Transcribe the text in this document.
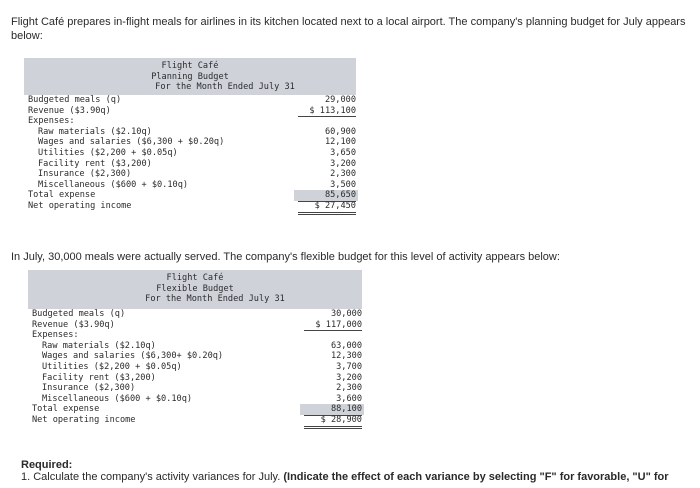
Flight Café prepares in-flight meals for airlines in its kitchen located next to a local airport. The company's planning budget for July appears below:
Flight Café
Planning Budget
For the Month Ended July 31
Budgeted meals (q)	29,000
Revenue ($3.90q)	$ 113,100
Expenses:
Raw materials ($2.10q)	60,900
Wages and salaries ($6,300 + $0.20q)	12,100
Utilities ($2,200 + $0.05q)	3,650
Facility rent ($3,200)	3,200
Insurance ($2,300)	2,300
Miscellaneous ($600 + $0.10q)	3,500
Total expense	85,650
Net operating income	$ 27,450
In July, 30,000 meals were actually served. The company's flexible budget for this level of activity appears below:
Flight Café
Flexible Budget
For the Month Ended July 31
Budgeted meals (q)	30,000
Revenue ($3.90q)	$ 117,000
Expenses:
Raw materials ($2.10q)	63,000
Wages and salaries ($6,300+ $0.20q)	12,300
Utilities ($2,200 + $0.05q)	3,700
Facility rent ($3,200)	3,200
Insurance ($2,300)	2,300
Miscellaneous ($600 + $0.10q)	3,600
Total expense	88,100
Net operating income	$ 28,900
Required:
1. Calculate the company's activity variances for July. (Indicate the effect of each variance by selecting "F" for favorable, "U" for
